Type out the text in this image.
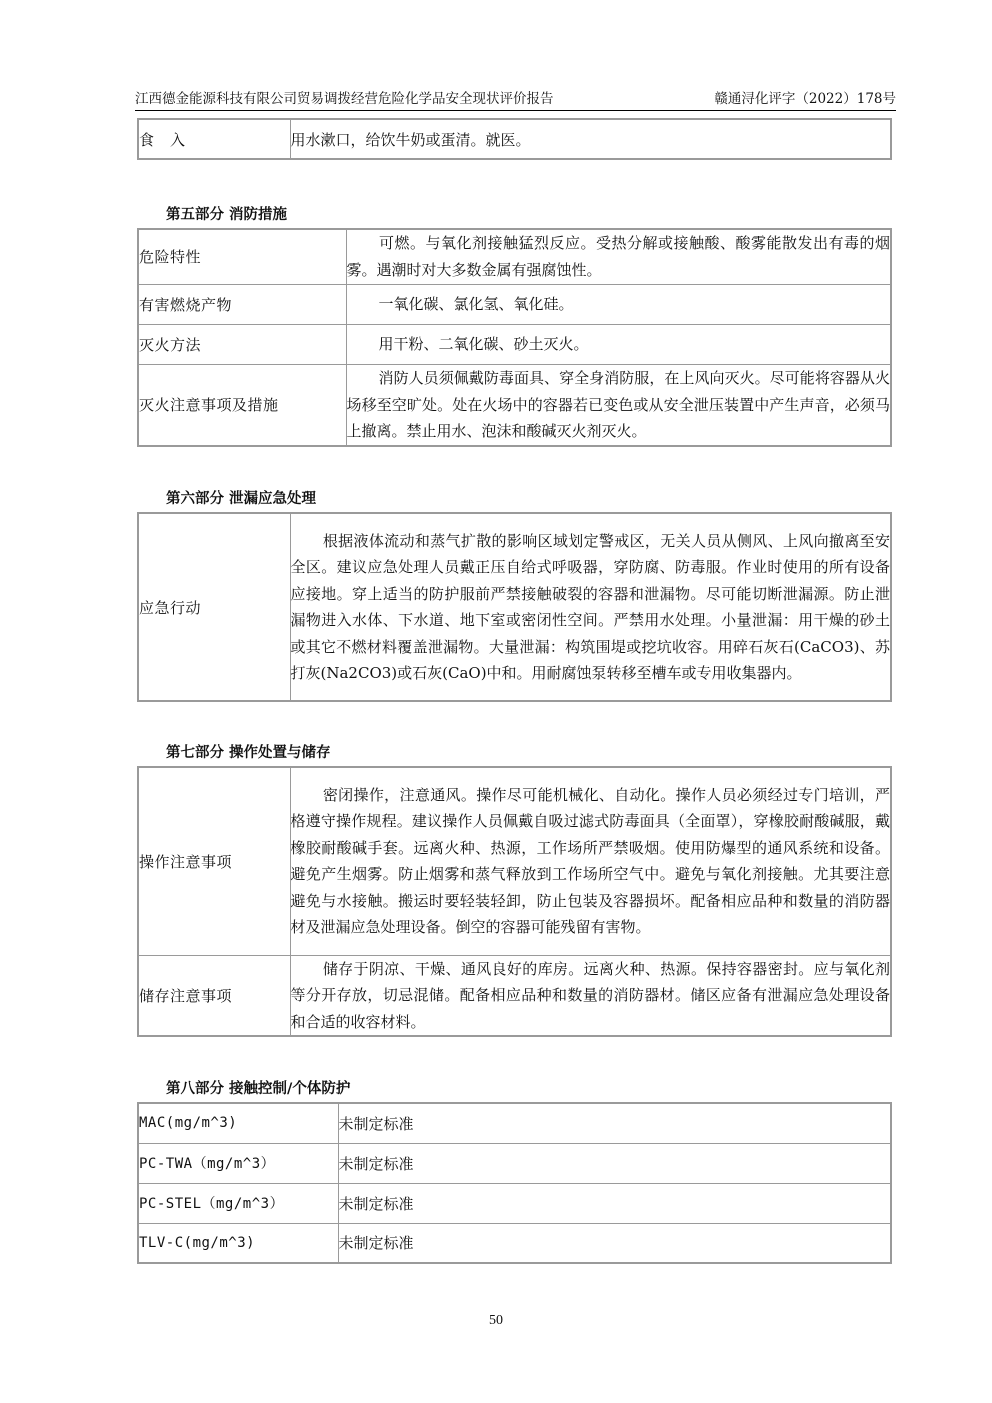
江西德金能源科技有限公司贸易调拨经营危险化学品安全现状评价报告	赣通浔化评字（2022）178号
食　入	用水漱口，给饮牛奶或蛋清。就医。
第五部分 消防措施
危险特性	可燃。与氧化剂接触猛烈反应。受热分解或接触酸、酸雾能散发出有毒的烟雾。遇潮时对大多数金属有强腐蚀性。
有害燃烧产物	一氧化碳、氯化氢、氧化硅。
灭火方法	用干粉、二氧化碳、砂土灭火。
灭火注意事项及措施	消防人员须佩戴防毒面具、穿全身消防服，在上风向灭火。尽可能将容器从火场移至空旷处。处在火场中的容器若已变色或从安全泄压装置中产生声音，必须马上撤离。禁止用水、泡沫和酸碱灭火剂灭火。
第六部分 泄漏应急处理
应急行动	根据液体流动和蒸气扩散的影响区域划定警戒区，无关人员从侧风、上风向撤离至安全区。建议应急处理人员戴正压自给式呼吸器，穿防腐、防毒服。作业时使用的所有设备应接地。穿上适当的防护服前严禁接触破裂的容器和泄漏物。尽可能切断泄漏源。防止泄漏物进入水体、下水道、地下室或密闭性空间。严禁用水处理。小量泄漏：用干燥的砂土或其它不燃材料覆盖泄漏物。大量泄漏：构筑围堤或挖坑收容。用碎石灰石(CaCO3)、苏打灰(Na2CO3)或石灰(CaO)中和。用耐腐蚀泵转移至槽车或专用收集器内。
第七部分 操作处置与储存
操作注意事项	密闭操作，注意通风。操作尽可能机械化、自动化。操作人员必须经过专门培训，严格遵守操作规程。建议操作人员佩戴自吸过滤式防毒面具（全面罩），穿橡胶耐酸碱服，戴橡胶耐酸碱手套。远离火种、热源，工作场所严禁吸烟。使用防爆型的通风系统和设备。避免产生烟雾。防止烟雾和蒸气释放到工作场所空气中。避免与氧化剂接触。尤其要注意避免与水接触。搬运时要轻装轻卸，防止包装及容器损坏。配备相应品种和数量的消防器材及泄漏应急处理设备。倒空的容器可能残留有害物。
储存注意事项	储存于阴凉、干燥、通风良好的库房。远离火种、热源。保持容器密封。应与氧化剂等分开存放，切忌混储。配备相应品种和数量的消防器材。储区应备有泄漏应急处理设备和合适的收容材料。
第八部分 接触控制/个体防护
MAC(mg/m^3)	未制定标准
PC-TWA（mg/m^3）	未制定标准
PC-STEL（mg/m^3）	未制定标准
TLV-C(mg/m^3)	未制定标准
50
